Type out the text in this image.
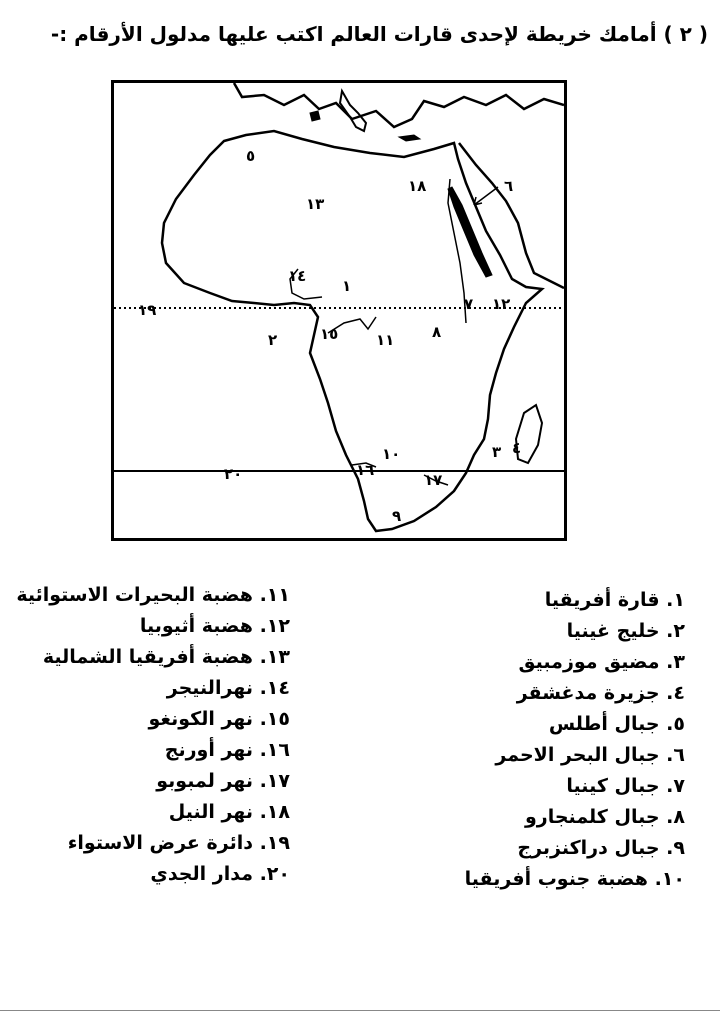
( ٢ ) أمامك خريطة لإحدى قارات العالم اكتب عليها مدلول الأرقام :-
١٣
٥
١٨	٦
١٤
١
١٩	٧ ١٢
٢	١٥	١١	٨
٣ ٤
١٠
١٦
١٧
٢٠
٩
١. قارة أفريقيا
٢. خليج غينيا
٣. مضيق موزمبيق
٤. جزيرة مدغشقر
٥. جبال أطلس
٦. جبال البحر الاحمر
٧. جبال كينيا
٨. جبال كلمنجارو
٩. جبال دراكنزبرج
١٠. هضبة جنوب أفريقيا
١١. هضبة البحيرات الاستوائية
١٢. هضبة أثيوبيا
١٣. هضبة أفريقيا الشمالية
١٤. نهرالنيجر
١٥. نهر الكونغو
١٦. نهر أورنج
١٧. نهر لمبوبو
١٨. نهر النيل
١٩. دائرة عرض الاستواء
٢٠. مدار الجدي
